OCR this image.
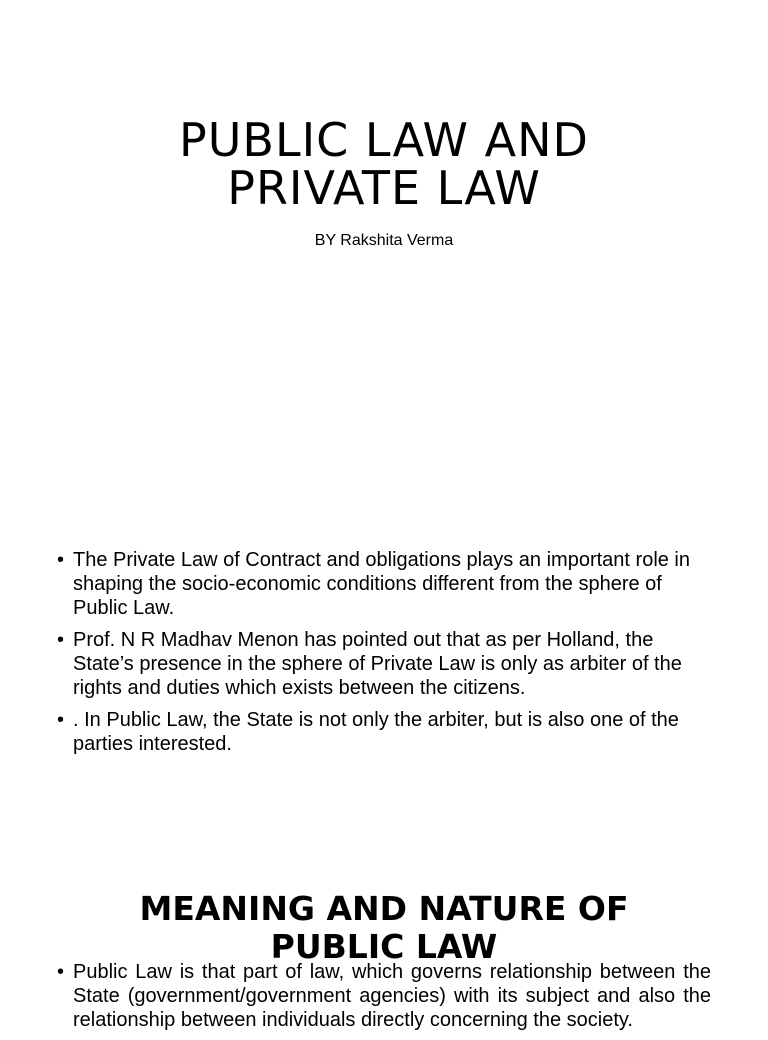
PUBLIC LAW AND
PRIVATE LAW
BY Rakshita Verma
• The Private Law of Contract and obligations plays an important role in shaping the socio-economic conditions different from the sphere of Public Law.
• Prof. N R Madhav Menon has pointed out that as per Holland, the State’s presence in the sphere of Private Law is only as arbiter of the rights and duties which exists between the citizens.
• . In Public Law, the State is not only the arbiter, but is also one of the parties interested.
MEANING AND NATURE OF
PUBLIC LAW
• Public Law is that part of law, which governs relationship between the State (government/government agencies) with its subject and also the relationship between individuals directly concerning the society.
